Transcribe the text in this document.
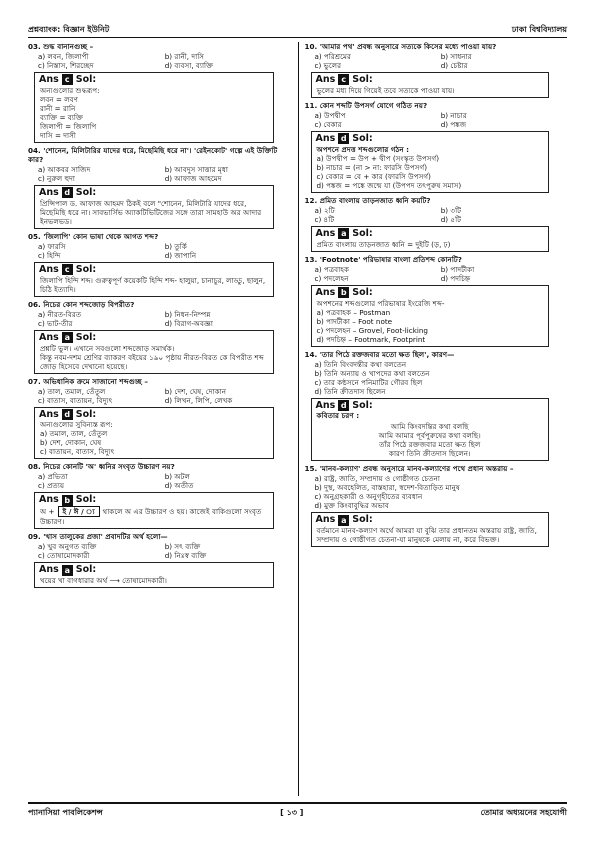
প্রশ্নব্যাংক: বিজ্ঞান ইউনিট	ঢাকা বিশ্ববিদ্যালয়
03. শুদ্ধ বানানগুচ্ছ –
a) লবন, জিলাপী	b) রানী, দাসি
c) নিস্তাস, শিরচ্ছেদ	d) ব্যবসা, ব্যাক্তি
Ans c Sol:
অন্যগুলোর শুদ্ধরূপ:
লবন = লবণ
রানী = রানি
ব্যাক্তি = ব্যক্তি
জিলাপী = জিলাপি
দাসি = দাসী
04. 'শোনেন, মিলিটারির যাদের ধরে, মিছেমিছি ধরে না'। 'রেইনকোট' গল্পে এই উক্তিটি কার?
a) আকবর সাজিদ	b) আবদুস সাত্তার মৃধা
c) নুরুল হুদা	d) আফাজ আহমেদ
Ans d Sol:
প্রিন্সিপাল ড. আফাজ আহমদ ঠিকই বলে "শোনেন, মিলিটারি যাদের ধরে, মিছেমিছি ধরে না। সাবভার্সিভ অ্যাকটিভিটিজের সঙ্গে তারা সামহাউ অর আদার ইনভলভড।
05. 'জিলাপি' কোন ভাষা থেকে আগত শব্দ?
a) ফারসি	b) তুর্কি
c) হিন্দি	d) জাপানি
Ans c Sol:
জিলাপি হিন্দি শব্দ। গুরুত্বপূর্ণ কয়েকটি হিন্দি শব্দ- হালুয়া, চানাচুর, লাড্ডু, ছালুন, চিঠি ইত্যাদি।
06. নিচের কোন শব্দজোড় বিপরীত?
a) নীরত-বিরত	b) নিধন-নিম্পন্ন
c) ভাট-তীর	d) বিরাগ-অবজ্ঞা
Ans a Sol:
প্রশ্নটি ভুল। এখানে সবগুলো শব্দজোড় সমার্থক।
কিন্তু নবম-দশম শ্রেণির ব্যাকরণ বইয়ের ১৯০ পৃষ্ঠায় নীরত-বিরত কে বিপরীত শব্দ জোড় হিসেবে দেখানো হয়েছে।
07. অভিধানিক ক্রমে সাজানো শব্দগুচ্ছ –
a) তাল, তমাল, তেঁতুল	b) দেশ, ঘেষ, দোকান
c) বাতাস, বাতায়ন, বিদ্যুৎ	d) লিখন, লিপি, লেখক
Ans d Sol:
অন্যগুলোর সুবিন্যস্ত রূপ:
a) তমাল, তাল, তেঁতুল
b) দেশ, দোকান, ঘেষ
c) বাতায়ন, বাতাস, বিদ্যুৎ
08. নিচের কোনটি 'অ' ধ্বনির সংবৃত উচ্চারণ নয়?
a) প্রভিতা	b) অটল
c) প্রত্যয়	d) অতীত
Ans b Sol:
অ + ই / ঈ / ্য থাকলে অ এর উচ্চারণ ও হয়। কাজেই বাকিগুলো সংবৃত উচ্চারণ।
09. 'খাস তালুকের প্রজা' প্রবাদটির অর্থ হলো—
a) খুব অনুগত ব্যক্তি	b) সৎ ব্যক্তি
c) তোষামোদকারী	d) নিঃস্ব ব্যক্তি
Ans a Sol:
খয়ের খা বাগধারার অর্থ ⟶ তোষামোদকারী।
10. 'আমার পথ' প্রবন্ধ অনুসারে সত্যকে কিসের মধ্যে পাওয়া যায়?
a) পরিশ্রমের	b) সাধনার
c) ভুলের	d) চেষ্টার
Ans c Sol:
ভুলের মধ্য দিয়ে গিয়েই তবে সত্যকে পাওয়া যায়।
11. কোন শব্দটি উপসর্গ যোগে গঠিত নয়?
a) উপদ্বীপ	b) নাচার
c) বেকার	d) পঙ্কজ
Ans d Sol:
অপশনে প্রদত্ত শব্দগুলোর গঠন :
a) উপদ্বীপ = উপ + দ্বীপ (সংস্কৃত উপসর্গ)
b) নাচার = (না > না: ফারসি উপসর্গ)
c) বেকার = বে + কার (ফারসি উপসর্গ)
d) পঙ্কজ = পঙ্কে জন্মে যা (উপপদ তৎপুরুষ সমাস)
12. প্রমিত বাংলায় তাড়নজাত ধ্বনি কয়টি?
a) ২টি	b) ৩টি
c) ৪টি	d) ৫টি
Ans a Sol:
প্রমিত বাংলায় তাড়নজাত ধ্বনি = দুইটি (ড়, ঢ়)
13. 'Footnote' পরিভাষার বাংলা প্রতিশব্দ কোনটি?
a) পত্রবাহক	b) পাদটীকা
c) পদলেহন	d) পদচিহ্ন
Ans b Sol:
অপশনের শব্দগুলোর পরিভাষার ইংরেজি শব্দ-
a) পত্রবাহক – Postman
b) পাদটীকা – Foot note
c) পদলেহন – Grovel, Foot-licking
d) পদচিহ্ন – Footmark, Footprint
14. 'তার পিঠে রক্তজবার মতো ক্ষত ছিল', কারণ—
a) তিনি বিংবদন্তীর কথা বলতেন
b) তিনি অন্যায় ও খাপদের কথা বলতেন
c) তার কন্ঠসনে পনিমাটির গৌরব ছিল
d) তিনি ক্রীতদাস ছিলেন
Ans d Sol:
কবিতার চরণ :
আমি কিংবদন্তির কথা বলছি
আমি আমার পূর্বপুরুষের কথা বলছি।
তাঁর পিঠে রক্তজবার মতো ক্ষত ছিল
কারণ তিনি ক্রীতদাস ছিলেন।
15. 'মানব-কল্যাণ' প্রবন্ধ অনুসারে মানব-কল্যাণের পথে প্রধান অন্তরায় –
a) রাষ্ট্র, জাতি, সম্প্রদায় ও গোষ্ঠীগত চেতনা
b) দুস্থ, অবহেলিত, বাস্তহারা, স্বদেশ-বিতাড়িত মানুষ
c) অনুগ্রহকারী ও অনুগৃহীতের ব্যবধান
d) মুক্ত কিংবাবুদ্ধির অভাব
Ans a Sol:
বর্তমানে মানব-কল্যাণ অর্থে আমরা যা বুঝি তার প্রধানতম অন্তরায় রাষ্ট্র, জাতি, সম্প্রদায় ও গোষ্ঠীগত চেতনা-যা মানুষকে মেলায় না, করে বিভক্ত।
প্যানাসিয়া পাবলিকেশন্স	[ ১৩ ]	তোমার অধ্যয়নের সহযোগী
